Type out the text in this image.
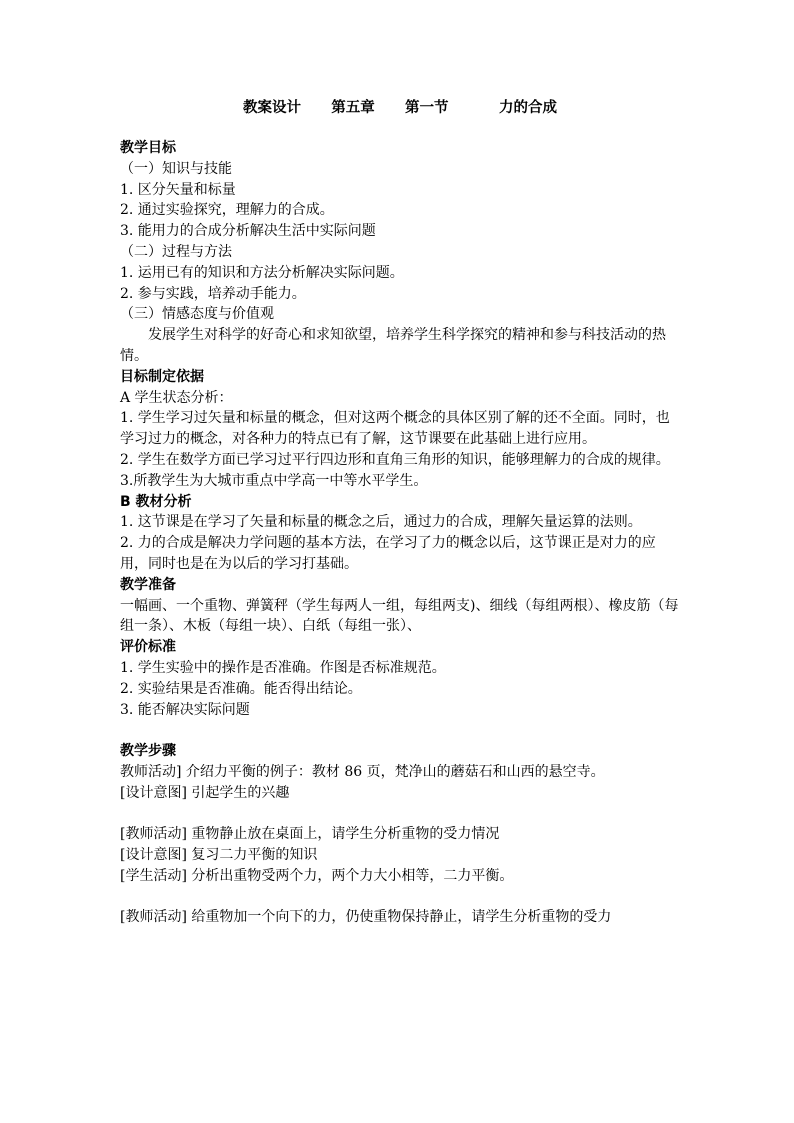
教案设计      第五章      第一节          力的合成
教学目标
（一）知识与技能
1. 区分矢量和标量
2. 通过实验探究，理解力的合成。
3. 能用力的合成分析解决生活中实际问题
（二）过程与方法
1. 运用已有的知识和方法分析解决实际问题。
2. 参与实践，培养动手能力。
（三）情感态度与价值观
发展学生对科学的好奇心和求知欲望，培养学生科学探究的精神和参与科技活动的热情。
目标制定依据
A 学生状态分析：
1. 学生学习过矢量和标量的概念，但对这两个概念的具体区别了解的还不全面。同时，也学习过力的概念，对各种力的特点已有了解，这节课要在此基础上进行应用。
2. 学生在数学方面已学习过平行四边形和直角三角形的知识，能够理解力的合成的规律。
3.所教学生为大城市重点中学高一中等水平学生。
B 教材分析
1. 这节课是在学习了矢量和标量的概念之后，通过力的合成，理解矢量运算的法则。
2. 力的合成是解决力学问题的基本方法，在学习了力的概念以后，这节课正是对力的应用，同时也是在为以后的学习打基础。
教学准备
一幅画、一个重物、弹簧秤（学生每两人一组，每组两支)、细线（每组两根）、橡皮筋（每组一条）、木板（每组一块）、白纸（每组一张）、
评价标准
1. 学生实验中的操作是否准确。作图是否标准规范。
2. 实验结果是否准确。能否得出结论。
3. 能否解决实际问题
教学步骤
教师活动] 介绍力平衡的例子：教材 86 页，梵净山的蘑菇石和山西的悬空寺。
[设计意图] 引起学生的兴趣
[教师活动] 重物静止放在桌面上，请学生分析重物的受力情况
[设计意图] 复习二力平衡的知识
[学生活动] 分析出重物受两个力，两个力大小相等，二力平衡。
[教师活动] 给重物加一个向下的力，仍使重物保持静止，请学生分析重物的受力
